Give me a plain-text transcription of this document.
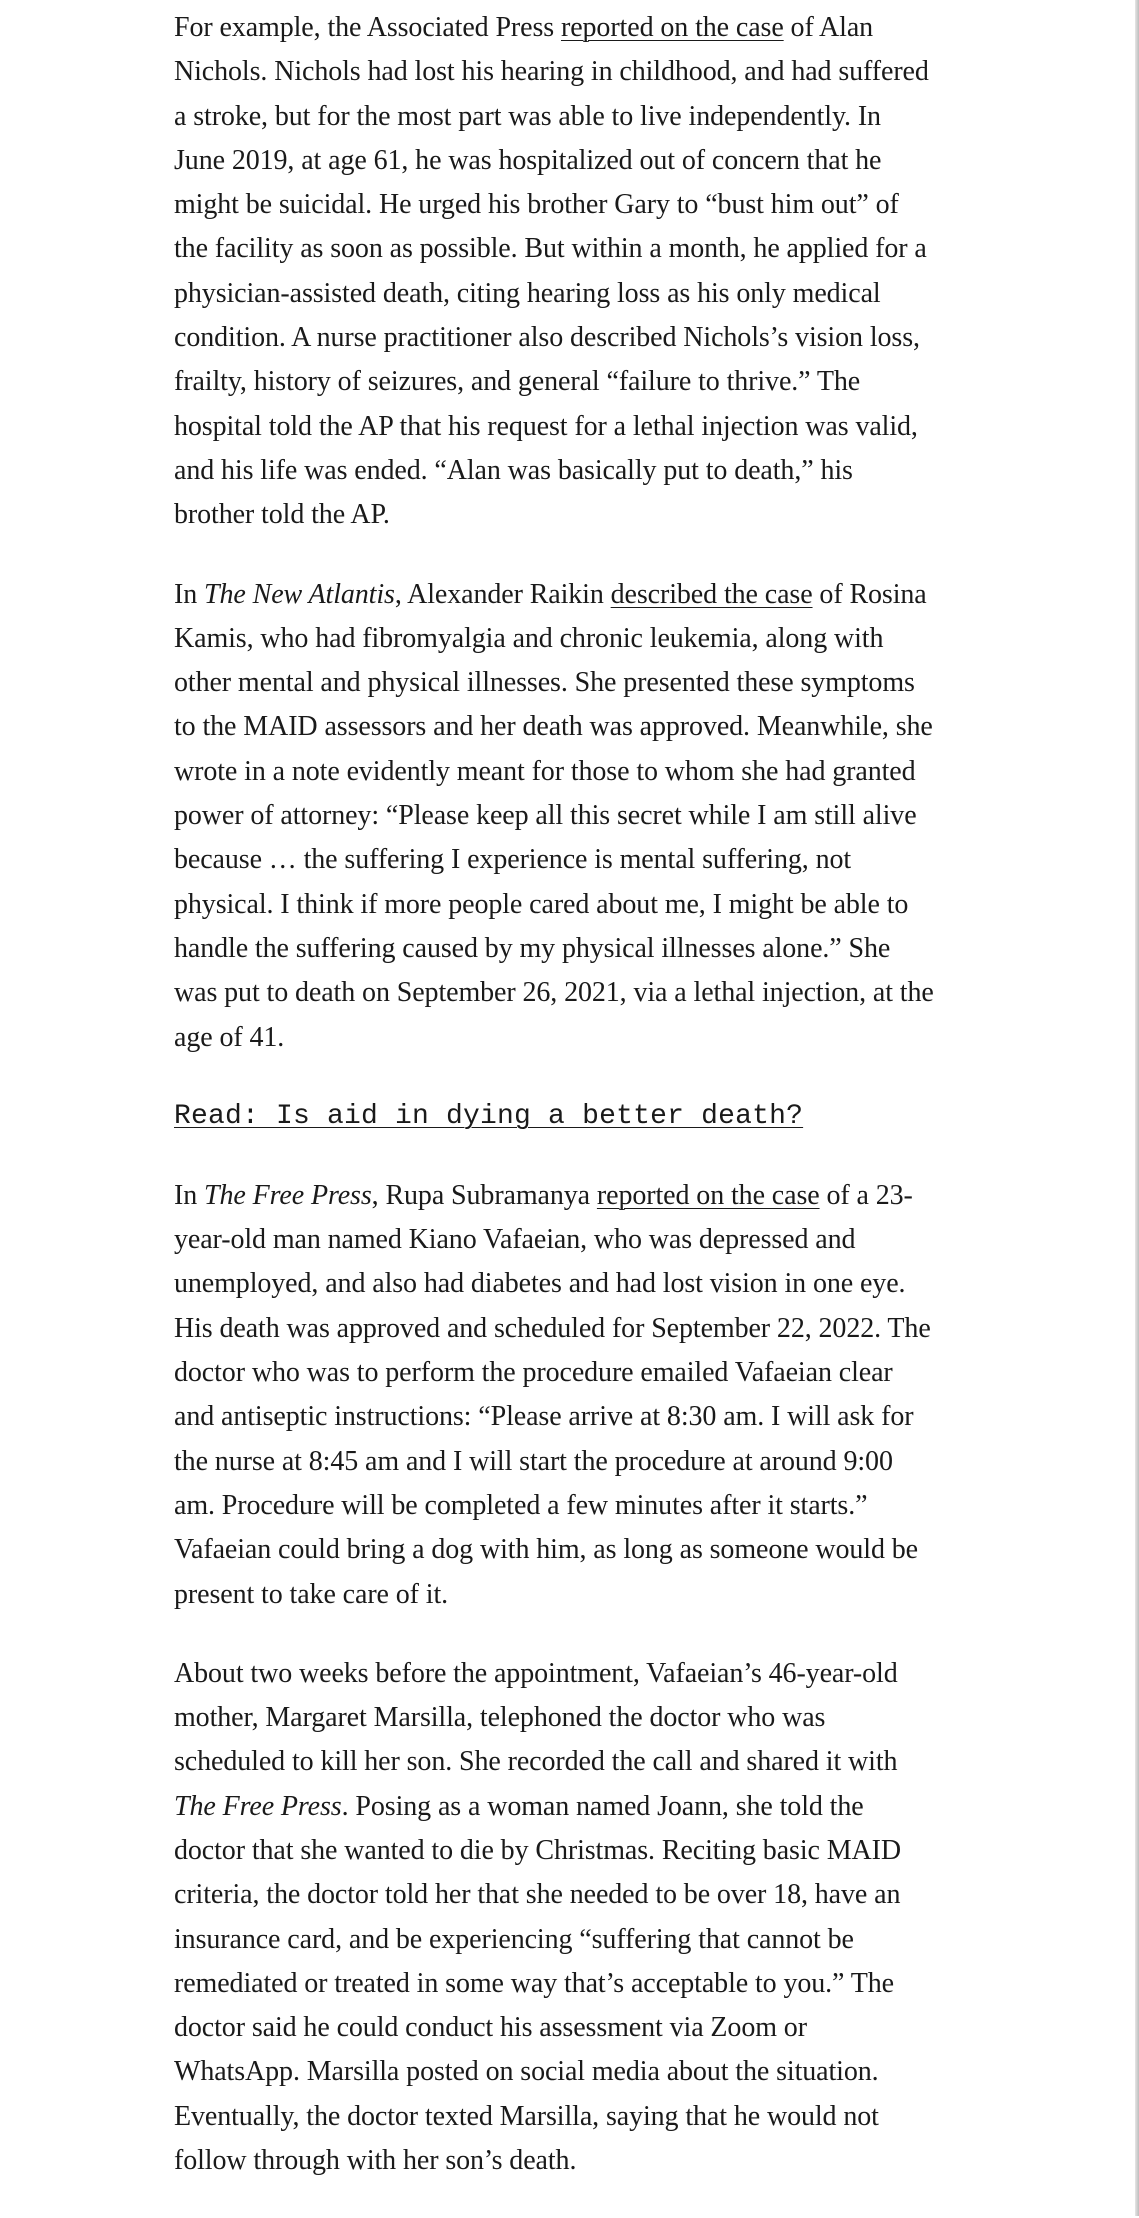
For example, the Associated Press reported on the case of Alan Nichols. Nichols had lost his hearing in childhood, and had suffered a stroke, but for the most part was able to live independently. In June 2019, at age 61, he was hospitalized out of concern that he might be suicidal. He urged his brother Gary to “bust him out” of the facility as soon as possible. But within a month, he applied for a physician-assisted death, citing hearing loss as his only medical condition. A nurse practitioner also described Nichols’s vision loss, frailty, history of seizures, and general “failure to thrive.” The hospital told the AP that his request for a lethal injection was valid, and his life was ended. “Alan was basically put to death,” his brother told the AP.

In The New Atlantis, Alexander Raikin described the case of Rosina Kamis, who had fibromyalgia and chronic leukemia, along with other mental and physical illnesses. She presented these symptoms to the MAID assessors and her death was approved. Meanwhile, she wrote in a note evidently meant for those to whom she had granted power of attorney: “Please keep all this secret while I am still alive because … the suffering I experience is mental suffering, not physical. I think if more people cared about me, I might be able to handle the suffering caused by my physical illnesses alone.” She was put to death on September 26, 2021, via a lethal injection, at the age of 41.

Read: Is aid in dying a better death?

In The Free Press, Rupa Subramanya reported on the case of a 23-year-old man named Kiano Vafaeian, who was depressed and unemployed, and also had diabetes and had lost vision in one eye. His death was approved and scheduled for September 22, 2022. The doctor who was to perform the procedure emailed Vafaeian clear and antiseptic instructions: “Please arrive at 8:30 am. I will ask for the nurse at 8:45 am and I will start the procedure at around 9:00 am. Procedure will be completed a few minutes after it starts.” Vafaeian could bring a dog with him, as long as someone would be present to take care of it.

About two weeks before the appointment, Vafaeian’s 46-year-old mother, Margaret Marsilla, telephoned the doctor who was scheduled to kill her son. She recorded the call and shared it with The Free Press. Posing as a woman named Joann, she told the doctor that she wanted to die by Christmas. Reciting basic MAID criteria, the doctor told her that she needed to be over 18, have an insurance card, and be experiencing “suffering that cannot be remediated or treated in some way that’s acceptable to you.” The doctor said he could conduct his assessment via Zoom or WhatsApp. Marsilla posted on social media about the situation. Eventually, the doctor texted Marsilla, saying that he would not follow through with her son’s death.
